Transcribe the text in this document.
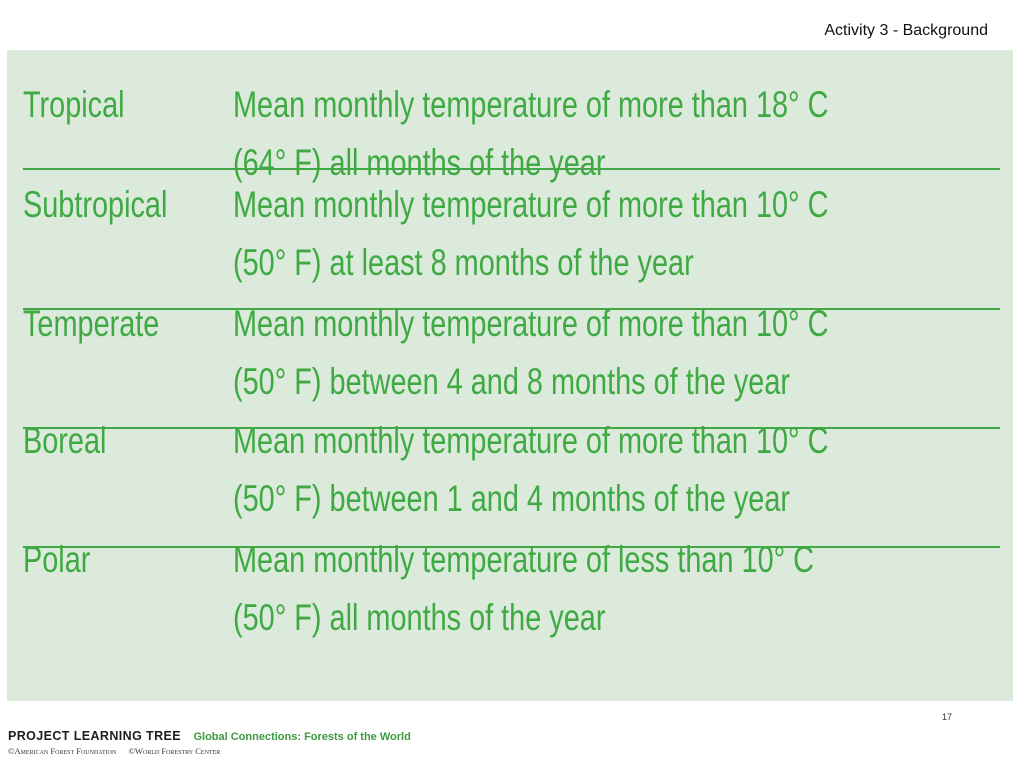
Activity 3 - Background
Tropical	Mean monthly temperature of more than 18° C
(64° F) all months of the year
Subtropical	Mean monthly temperature of more than 10° C
(50° F) at least 8 months of the year
Temperate	Mean monthly temperature of more than 10° C
(50° F) between 4 and 8 months of the year
Boreal	Mean monthly temperature of more than 10° C
(50° F) between 1 and 4 months of the year
Polar	Mean monthly temperature of less than 10° C
(50° F) all months of the year
17
PROJECT LEARNING TREE Global Connections: Forests of the World
©American Forest Foundation ©World Forestry Center
